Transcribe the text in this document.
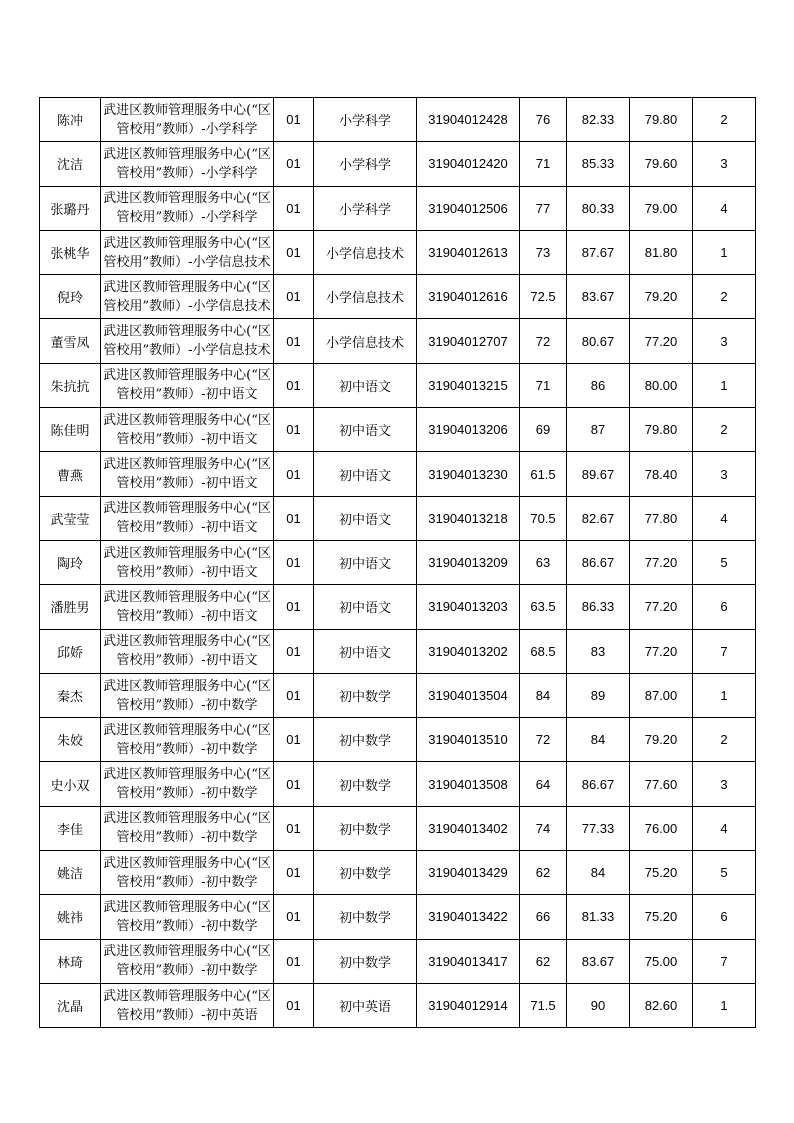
陈冲	武进区教师管理服务中心(“区管校用”教师）-小学科学	01	小学科学	31904012428	76	82.33	79.80	2
沈洁	武进区教师管理服务中心(“区管校用”教师）-小学科学	01	小学科学	31904012420	71	85.33	79.60	3
张璐丹	武进区教师管理服务中心(“区管校用”教师）-小学科学	01	小学科学	31904012506	77	80.33	79.00	4
张桃华	武进区教师管理服务中心(“区管校用”教师）-小学信息技术	01	小学信息技术	31904012613	73	87.67	81.80	1
倪玲	武进区教师管理服务中心(“区管校用”教师）-小学信息技术	01	小学信息技术	31904012616	72.5	83.67	79.20	2
董雪凤	武进区教师管理服务中心(“区管校用”教师）-小学信息技术	01	小学信息技术	31904012707	72	80.67	77.20	3
朱抗抗	武进区教师管理服务中心(“区管校用”教师）-初中语文	01	初中语文	31904013215	71	86	80.00	1
陈佳明	武进区教师管理服务中心(“区管校用”教师）-初中语文	01	初中语文	31904013206	69	87	79.80	2
曹燕	武进区教师管理服务中心(“区管校用”教师）-初中语文	01	初中语文	31904013230	61.5	89.67	78.40	3
武莹莹	武进区教师管理服务中心(“区管校用”教师）-初中语文	01	初中语文	31904013218	70.5	82.67	77.80	4
陶玲	武进区教师管理服务中心(“区管校用”教师）-初中语文	01	初中语文	31904013209	63	86.67	77.20	5
潘胜男	武进区教师管理服务中心(“区管校用”教师）-初中语文	01	初中语文	31904013203	63.5	86.33	77.20	6
邱娇	武进区教师管理服务中心(“区管校用”教师）-初中语文	01	初中语文	31904013202	68.5	83	77.20	7
秦杰	武进区教师管理服务中心(“区管校用”教师）-初中数学	01	初中数学	31904013504	84	89	87.00	1
朱姣	武进区教师管理服务中心(“区管校用”教师）-初中数学	01	初中数学	31904013510	72	84	79.20	2
史小双	武进区教师管理服务中心(“区管校用”教师）-初中数学	01	初中数学	31904013508	64	86.67	77.60	3
李佳	武进区教师管理服务中心(“区管校用”教师）-初中数学	01	初中数学	31904013402	74	77.33	76.00	4
姚洁	武进区教师管理服务中心(“区管校用”教师）-初中数学	01	初中数学	31904013429	62	84	75.20	5
姚祎	武进区教师管理服务中心(“区管校用”教师）-初中数学	01	初中数学	31904013422	66	81.33	75.20	6
林琦	武进区教师管理服务中心(“区管校用”教师）-初中数学	01	初中数学	31904013417	62	83.67	75.00	7
沈晶	武进区教师管理服务中心(“区管校用”教师）-初中英语	01	初中英语	31904012914	71.5	90	82.60	1
